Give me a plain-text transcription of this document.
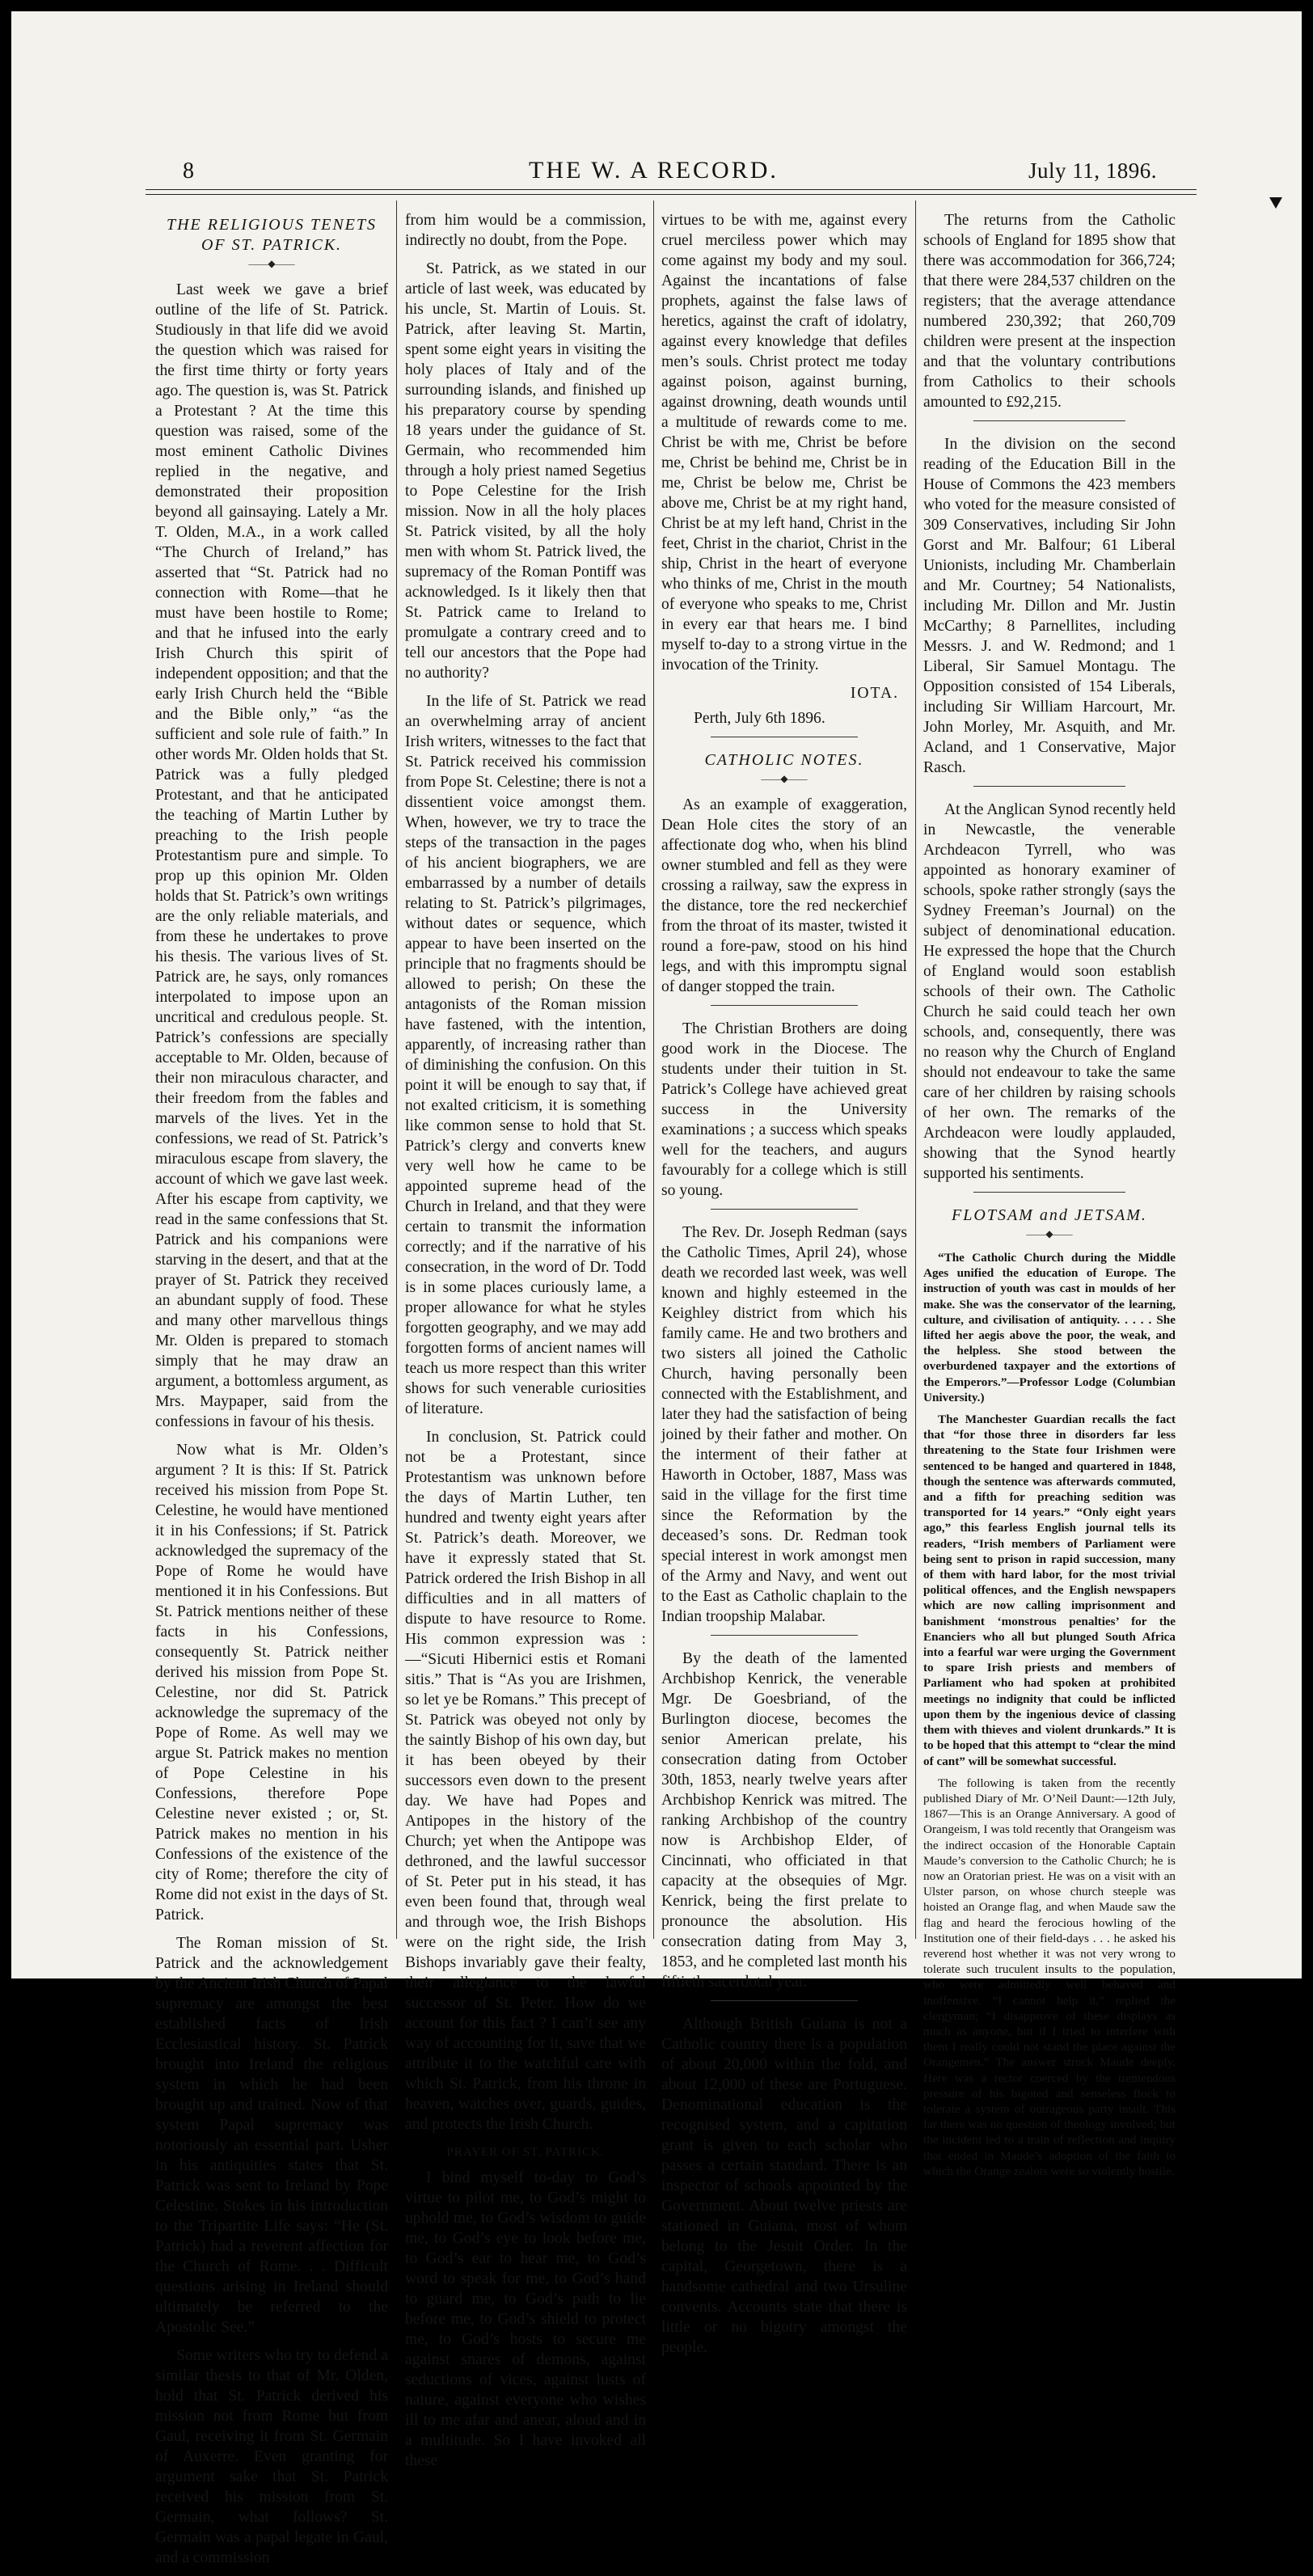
8	THE W. A RECORD.	July 11, 1896.
THE RELIGIOUS TENETS OF ST. PATRICK.
——◆——

Last week we gave a brief outline of the life of St. Patrick. Studiously in that life did we avoid the question which was raised for the first time thirty or forty years ago. The question is, was St. Patrick a Protestant ? At the time this question was raised, some of the most eminent Catholic Divines replied in the negative, and demonstrated their proposition beyond all gainsaying. Lately a Mr. T. Olden, M.A., in a work called “The Church of Ireland,” has asserted that “St. Patrick had no connection with Rome—that he must have been hostile to Rome; and that he infused into the early Irish Church this spirit of independent opposition; and that the early Irish Church held the “Bible and the Bible only,” “as the sufficient and sole rule of faith.” In other words Mr. Olden holds that St. Patrick was a fully pledged Protestant, and that he anticipated the teaching of Martin Luther by preaching to the Irish people Protestantism pure and simple. To prop up this opinion Mr. Olden holds that St. Patrick’s own writings are the only reliable materials, and from these he undertakes to prove his thesis. The various lives of St. Patrick are, he says, only romances interpolated to impose upon an uncritical and credulous people. St. Patrick’s confessions are specially acceptable to Mr. Olden, because of their non miraculous character, and their freedom from the fables and marvels of the lives. Yet in the confessions, we read of St. Patrick’s miraculous escape from slavery, the account of which we gave last week. After his escape from captivity, we read in the same confessions that St. Patrick and his companions were starving in the desert, and that at the prayer of St. Patrick they received an abundant supply of food. These and many other marvellous things Mr. Olden is prepared to stomach simply that he may draw an argument, a bottomless argument, as Mrs. Maypaper, said from the confessions in favour of his thesis.

Now what is Mr. Olden’s argument ? It is this: If St. Patrick received his mission from Pope St. Celestine, he would have mentioned it in his Confessions; if St. Patrick acknowledged the supremacy of the Pope of Rome he would have mentioned it in his Confessions. But St. Patrick mentions neither of these facts in his Confessions, consequently St. Patrick neither derived his mission from Pope St. Celestine, nor did St. Patrick acknowledge the supremacy of the Pope of Rome. As well may we argue St. Patrick makes no mention of Pope Celestine in his Confessions, therefore Pope Celestine never existed ; or, St. Patrick makes no mention in his Confessions of the existence of the city of Rome; therefore the city of Rome did not exist in the days of St. Patrick.

The Roman mission of St. Patrick and the acknowledgement by the Ancient Irish Church of Papal supremacy are amongst the best established facts of Irish Ecclesiastical history. St. Patrick brought into Ireland the religious system in which he had been brought up and trained. Now of that system Papal supremacy was notoriously an essential part. Usher in his antiquities states that St. Patrick was sent to Ireland by Pope Celestine. Stokes in his introduction to the Tripartite Life says: “He (St. Patrick) had a reverent affection for the Church of Rome. . . Difficult questions arising in Ireland should ultimately be referred to the Apostolic See.”

Some writers who try to defend a similar thesis to that of Mr. Olden, hold that St. Patrick derived his mission not from Rome but from Gaul, receiving it from St. Germain of Auxerre. Even granting for argument sake that St. Patrick received his mission from St. Germain, what follows? St. Germain was a papal legate in Gaul, and a commission

from him would be a commission, indirectly no doubt, from the Pope.

St. Patrick, as we stated in our article of last week, was educated by his uncle, St. Martin of Louis. St. Patrick, after leaving St. Martin, spent some eight years in visiting the holy places of Italy and of the surrounding islands, and finished up his preparatory course by spending 18 years under the guidance of St. Germain, who recommended him through a holy priest named Segetius to Pope Celestine for the Irish mission. Now in all the holy places St. Patrick visited, by all the holy men with whom St. Patrick lived, the supremacy of the Roman Pontiff was acknowledged. Is it likely then that St. Patrick came to Ireland to promulgate a contrary creed and to tell our ancestors that the Pope had no authority?

In the life of St. Patrick we read an overwhelming array of ancient Irish writers, witnesses to the fact that St. Patrick received his commission from Pope St. Celestine; there is not a dissentient voice amongst them. When, however, we try to trace the steps of the transaction in the pages of his ancient biographers, we are embarrassed by a number of details relating to St. Patrick’s pilgrimages, without dates or sequence, which appear to have been inserted on the principle that no fragments should be allowed to perish; On these the antagonists of the Roman mission have fastened, with the intention, apparently, of increasing rather than of diminishing the confusion. On this point it will be enough to say that, if not exalted criticism, it is something like common sense to hold that St. Patrick’s clergy and converts knew very well how he came to be appointed supreme head of the Church in Ireland, and that they were certain to transmit the information correctly; and if the narrative of his consecration, in the word of Dr. Todd is in some places curiously lame, a proper allowance for what he styles forgotten geography, and we may add forgotten forms of ancient names will teach us more respect than this writer shows for such venerable curiosities of literature.

In conclusion, St. Patrick could not be a Protestant, since Protestantism was unknown before the days of Martin Luther, ten hundred and twenty eight years after St. Patrick’s death. Moreover, we have it expressly stated that St. Patrick ordered the Irish Bishop in all difficulties and in all matters of dispute to have resource to Rome. His common expression was :—“Sicuti Hibernici estis et Romani sitis.” That is “As you are Irishmen, so let ye be Romans.” This precept of St. Patrick was obeyed not only by the saintly Bishop of his own day, but it has been obeyed by their successors even down to the present day. We have had Popes and Antipopes in the history of the Church; yet when the Antipope was dethroned, and the lawful successor of St. Peter put in his stead, it has even been found that, through weal and through woe, the Irish Bishops were on the right side, the Irish Bishops invariably gave their fealty, their allegiance to the lawful successor of St. Peter. How do we account for this fact ? I can’t see any way of accounting for it, save that we attribute it to the watchful care with which St. Patrick, from his throne in heaven, watches over, guards, guides, and protects the Irish Church.

PRAYER OF ST. PATRICK.

I bind myself to-day to God’s virtue to pilot me, to God’s might to uphold me, to God’s wisdom to guide me, to God’s eye to look before me, to God’s ear to hear me, to God’s word to speak for me, to God’s hand to guard me, to God’s path to lie before me, to God’s shield to protect me, to God’s hosts to secure me against snares of demons, against seductions of vices, against lusts of nature, against everyone who wishes ill to me afar and anear, aloud and in a multitude. So I have invoked all these

virtues to be with me, against every cruel merciless power which may come against my body and my soul. Against the incantations of false prophets, against the false laws of heretics, against the craft of idolatry, against every knowledge that defiles men’s souls. Christ protect me today against poison, against burning, against drowning, death wounds until a multitude of rewards come to me. Christ be with me, Christ be before me, Christ be behind me, Christ be in me, Christ be below me, Christ be above me, Christ be at my right hand, Christ be at my left hand, Christ in the feet, Christ in the chariot, Christ in the ship, Christ in the heart of everyone who thinks of me, Christ in the mouth of everyone who speaks to me, Christ in every ear that hears me. I bind myself to-day to a strong virtue in the invocation of the Trinity.

IOTA.
Perth, July 6th 1896.
CATHOLIC NOTES.
——◆——

As an example of exaggeration, Dean Hole cites the story of an affectionate dog who, when his blind owner stumbled and fell as they were crossing a railway, saw the express in the distance, tore the red neckerchief from the throat of its master, twisted it round a fore-paw, stood on his hind legs, and with this impromptu signal of danger stopped the train.

The Christian Brothers are doing good work in the Diocese. The students under their tuition in St. Patrick’s College have achieved great success in the University examinations ; a success which speaks well for the teachers, and augurs favourably for a college which is still so young.

The Rev. Dr. Joseph Redman (says the Catholic Times, April 24), whose death we recorded last week, was well known and highly esteemed in the Keighley district from which his family came. He and two brothers and two sisters all joined the Catholic Church, having personally been connected with the Establishment, and later they had the satisfaction of being joined by their father and mother. On the interment of their father at Haworth in October, 1887, Mass was said in the village for the first time since the Reformation by the deceased’s sons. Dr. Redman took special interest in work amongst men of the Army and Navy, and went out to the East as Catholic chaplain to the Indian troopship Malabar.

By the death of the lamented Archbishop Kenrick, the venerable Mgr. De Goesbriand, of the Burlington diocese, becomes the senior American prelate, his consecration dating from October 30th, 1853, nearly twelve years after Archbishop Kenrick was mitred. The ranking Archbishop of the country now is Archbishop Elder, of Cincinnati, who officiated in that capacity at the obsequies of Mgr. Kenrick, being the first prelate to pronounce the absolution. His consecration dating from May 3, 1853, and he completed last month his fiftieth sacerdotal year.

Although British Guiana is not a Catholic country there is a population of about 20,000 within the fold, and about 12,000 of these are Portuguese. Denominational education is the recognised system, and a capitation grant is given to each scholar who passes a certain standard. There is an inspector of schools appointed by the Government. About twelve priests are stationed in Guiana, most of whom belong to the Jesuit Order. In the capital, Georgetown, there is a handsome cathedral and two Ursuline convents. Accounts state that there is little or no bigotry amongst the people.

The returns from the Catholic schools of England for 1895 show that there was accommodation for 366,724; that there were 284,537 children on the registers; that the average attendance numbered 230,392; that 260,709 children were present at the inspection and that the voluntary contributions from Catholics to their schools amounted to £92,215.

In the division on the second reading of the Education Bill in the House of Commons the 423 members who voted for the measure consisted of 309 Conservatives, including Sir John Gorst and Mr. Balfour; 61 Liberal Unionists, including Mr. Chamberlain and Mr. Courtney; 54 Nationalists, including Mr. Dillon and Mr. Justin McCarthy; 8 Parnellites, including Messrs. J. and W. Redmond; and 1 Liberal, Sir Samuel Montagu. The Opposition consisted of 154 Liberals, including Sir William Harcourt, Mr. John Morley, Mr. Asquith, and Mr. Acland, and 1 Conservative, Major Rasch.

At the Anglican Synod recently held in Newcastle, the venerable Archdeacon Tyrrell, who was appointed as honorary examiner of schools, spoke rather strongly (says the Sydney Freeman’s Journal) on the subject of denominational education. He expressed the hope that the Church of England would soon establish schools of their own. The Catholic Church he said could teach her own schools, and, consequently, there was no reason why the Church of England should not endeavour to take the same care of her children by raising schools of her own. The remarks of the Archdeacon were loudly applauded, showing that the Synod heartly supported his sentiments.

FLOTSAM and JETSAM.
——◆——

“The Catholic Church during the Middle Ages unified the education of Europe. The instruction of youth was cast in moulds of her make. She was the conservator of the learning, culture, and civilisation of antiquity. . . . . She lifted her aegis above the poor, the weak, and the helpless. She stood between the overburdened taxpayer and the extortions of the Emperors.”—Professor Lodge (Columbian University.)

The Manchester Guardian recalls the fact that “for those three in disorders far less threatening to the State four Irishmen were sentenced to be hanged and quartered in 1848, though the sentence was afterwards commuted, and a fifth for preaching sedition was transported for 14 years.” “Only eight years ago,” this fearless English journal tells its readers, “Irish members of Parliament were being sent to prison in rapid succession, many of them with hard labor, for the most trivial political offences, and the English newspapers which are now calling imprisonment and banishment ‘monstrous penalties’ for the Enanciers who all but plunged South Africa into a fearful war were urging the Government to spare Irish priests and members of Parliament who had spoken at prohibited meetings no indignity that could be inflicted upon them by the ingenious device of classing them with thieves and violent drunkards.” It is to be hoped that this attempt to “clear the mind of cant” will be somewhat successful.

The following is taken from the recently published Diary of Mr. O’Neil Daunt:—12th July, 1867—This is an Orange Anniversary. A good of Orangeism, I was told recently that Orangeism was the indirect occasion of the Honorable Captain Maude’s conversion to the Catholic Church; he is now an Oratorian priest. He was on a visit with an Ulster parson, on whose church steeple was hoisted an Orange flag, and when Maude saw the flag and heard the ferocious howling of the Institution one of their field-days . . . he asked his reverend host whether it was not very wrong to tolerate such truculent insults to the population, who were admittedly well behaved and inoffensive. “I cannot help it,” replied the clergyman; “I disapprove of these displays as much as anyone, but if I tried to interfere with them I really could not stand the place against the Orangemen.” The answer struck Maude deeply. Here was a rector coerced by the tremendous pressure of his bigoted and senseless flock to tolerate a system of outrageous party insult. This far there was no question of theology involved; but the incident led to a train of reflection and inquiry that ended in Maude’s adoption of the faith to which the Orange zealots were so violently hostile.
